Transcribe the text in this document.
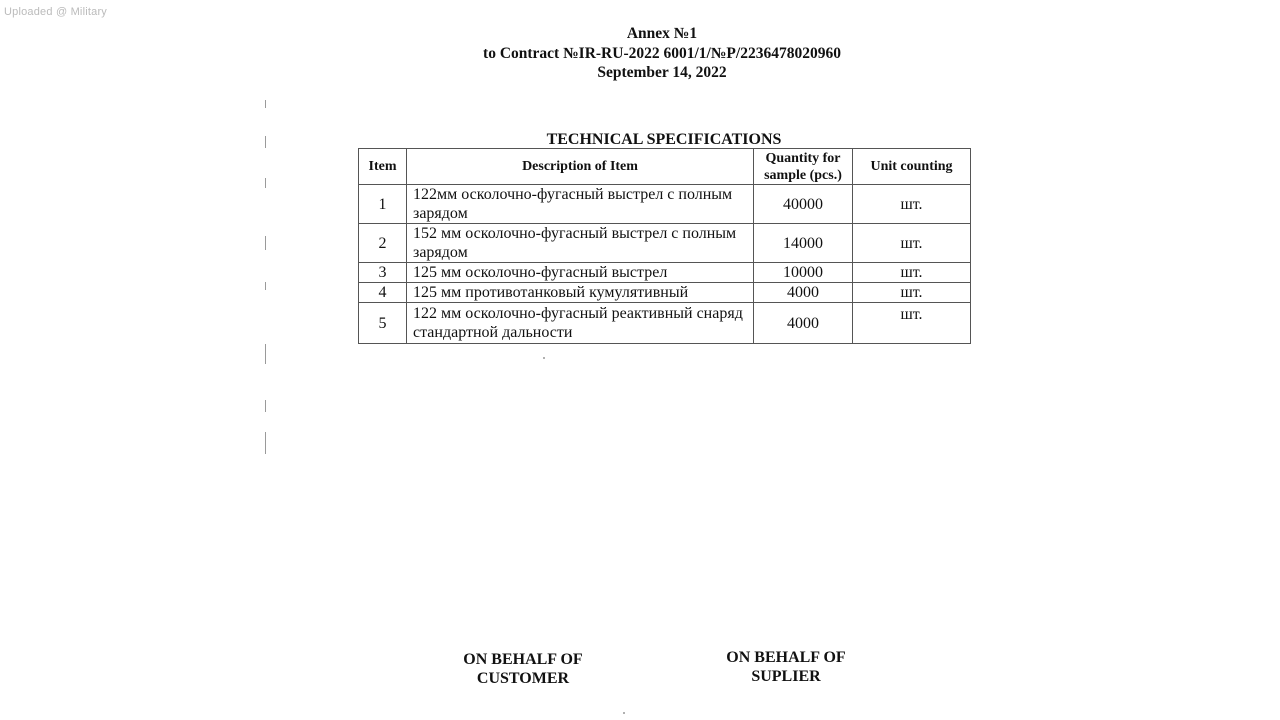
Uploaded @ Military
Annex №1
to Contract №IR-RU-2022 6001/1/№P/2236478020960
September 14, 2022
TECHNICAL SPECIFICATIONS
Item	Description of Item	Quantity for sample (pcs.)	Unit counting
1	122мм осколочно-фугасный выстрел с полным зарядом	40000	шт.
2	152 мм осколочно-фугасный выстрел с полным зарядом	14000	шт.
3	125 мм осколочно-фугасный выстрел	10000	шт.
4	125 мм противотанковый кумулятивный	4000	шт.
5	122 мм осколочно-фугасный реактивный снаряд стандартной дальности	4000	шт.
ON BEHALF OF
CUSTOMER
ON BEHALF OF
SUPLIER
